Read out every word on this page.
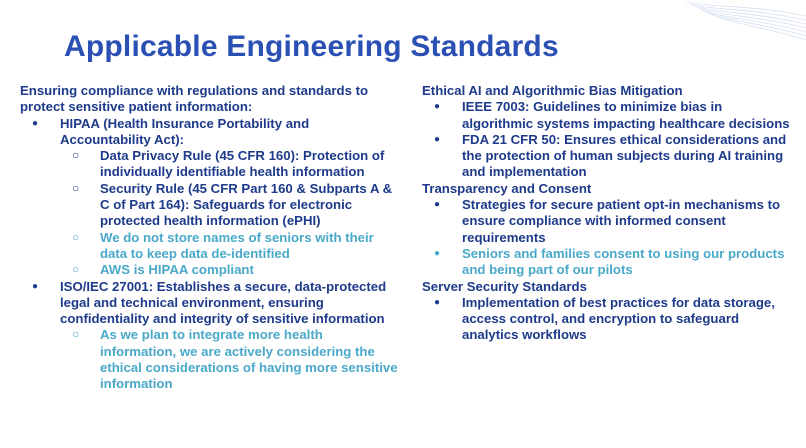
Applicable Engineering Standards
Ensuring compliance with regulations and standards to protect sensitive patient information:
● HIPAA (Health Insurance Portability and Accountability Act):
○ Data Privacy Rule (45 CFR 160): Protection of individually identifiable health information
○ Security Rule (45 CFR Part 160 & Subparts A & C of Part 164): Safeguards for electronic protected health information (ePHI)
○ We do not store names of seniors with their data to keep data de-identified
○ AWS is HIPAA compliant
● ISO/IEC 27001: Establishes a secure, data-protected legal and technical environment, ensuring confidentiality and integrity of sensitive information
○ As we plan to integrate more health information, we are actively considering the ethical considerations of having more sensitive information
Ethical AI and Algorithmic Bias Mitigation
● IEEE 7003: Guidelines to minimize bias in algorithmic systems impacting healthcare decisions
● FDA 21 CFR 50: Ensures ethical considerations and the protection of human subjects during AI training and implementation
Transparency and Consent
● Strategies for secure patient opt-in mechanisms to ensure compliance with informed consent requirements
● Seniors and families consent to using our products and being part of our pilots
Server Security Standards
● Implementation of best practices for data storage, access control, and encryption to safeguard analytics workflows
